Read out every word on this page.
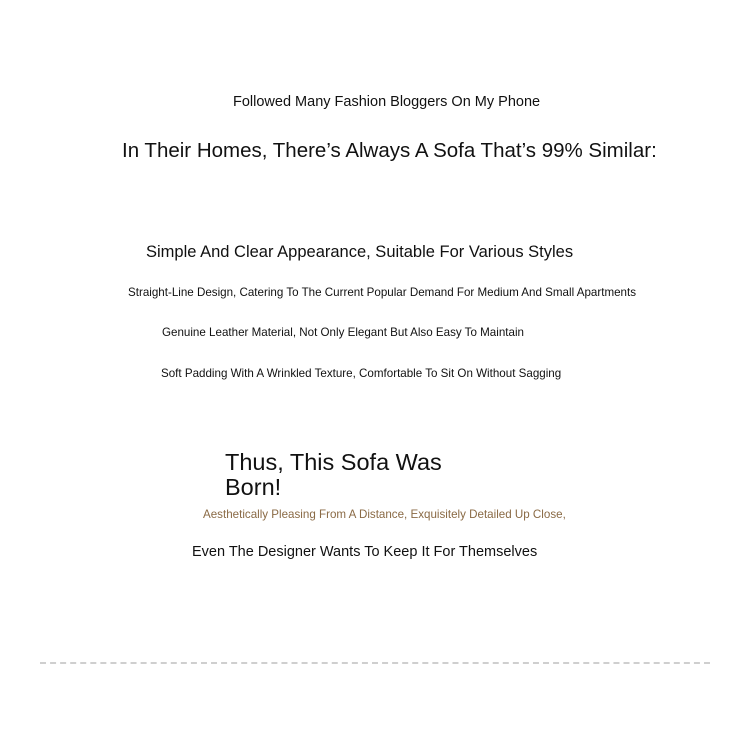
Followed Many Fashion Bloggers On My Phone

In Their Homes, There’s Always A Sofa That’s 99% Similar:

Simple And Clear Appearance, Suitable For Various Styles

Straight-Line Design, Catering To The Current Popular Demand For Medium And Small Apartments

Genuine Leather Material, Not Only Elegant But Also Easy To Maintain

Soft Padding With A Wrinkled Texture, Comfortable To Sit On Without Sagging

Thus, This Sofa Was Born!

Aesthetically Pleasing From A Distance, Exquisitely Detailed Up Close,

Even The Designer Wants To Keep It For Themselves
